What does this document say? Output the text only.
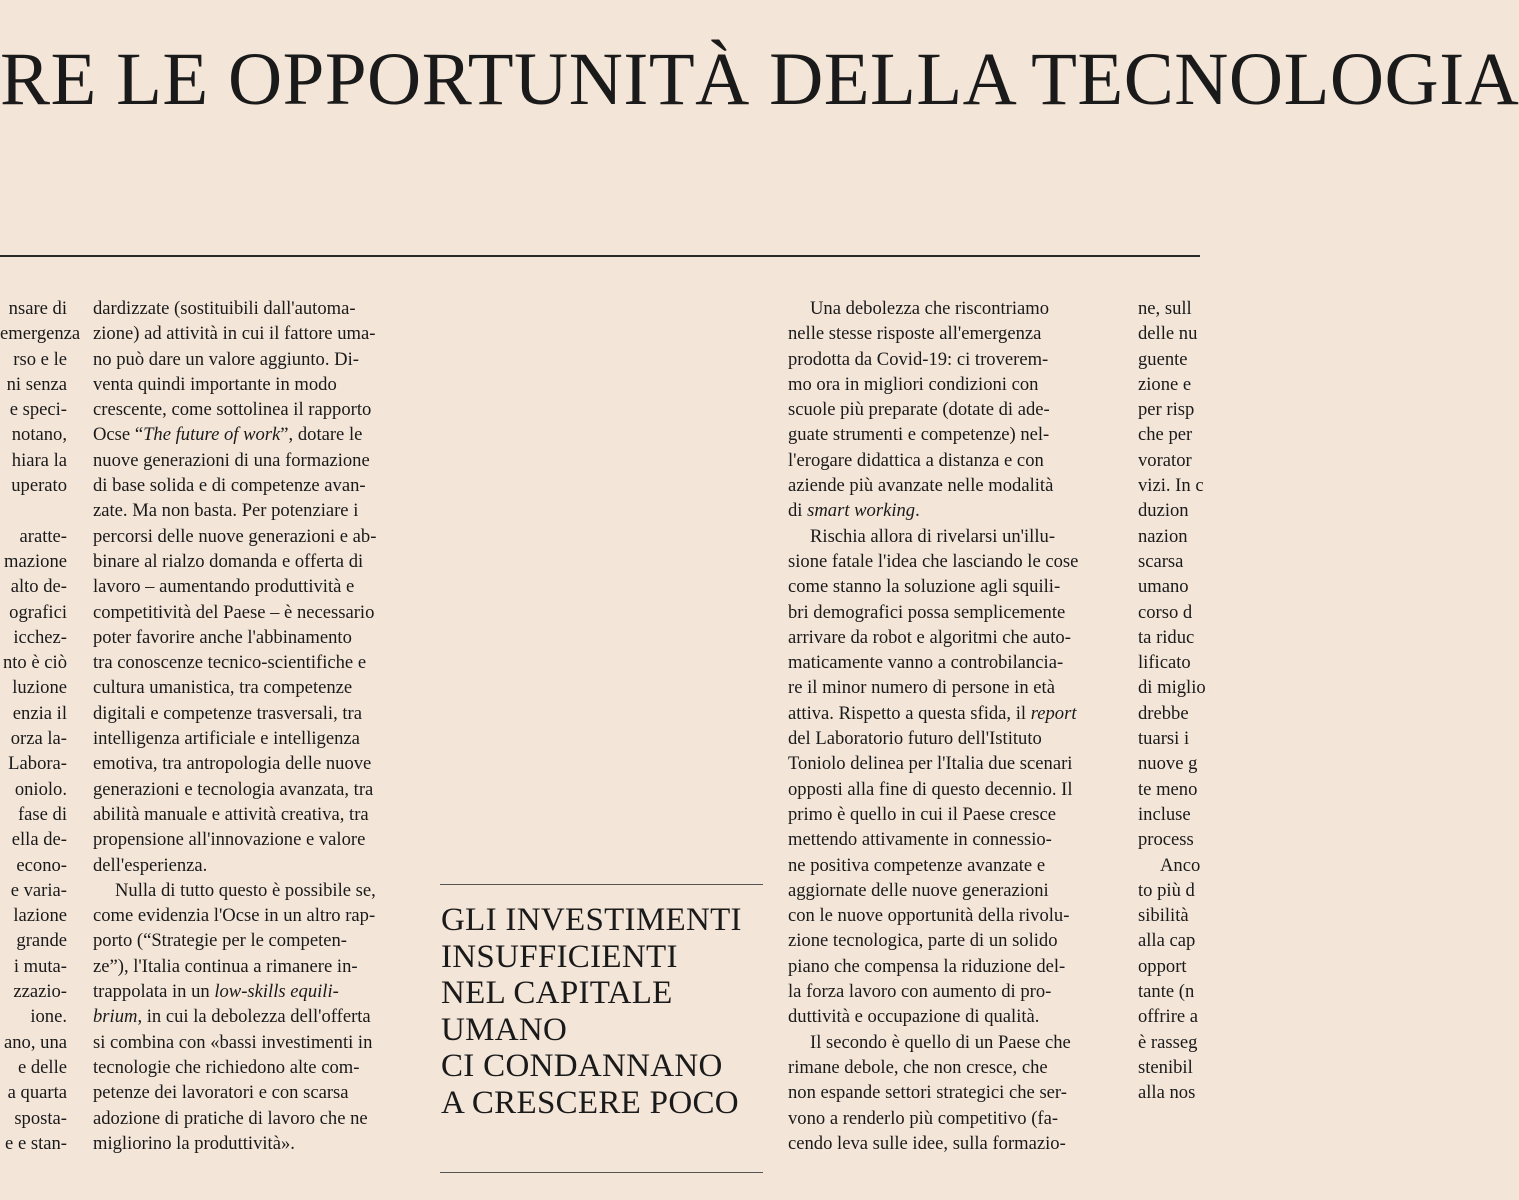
RE LE OPPORTUNITÀ DELLA TECNOLOGIA
nsare di
emergenza
rso e le
ni senza
e speci-
notano,
hiara la
uperato

aratte-
mazione
alto de-
ografici
icchez-
nto è ciò
luzione
enzia il
orza la-
Labora-
oniolo.
fase di
ella de-
econo-
e varia-
lazione
grande
i muta-
zzazio-
ione.
ano, una
e delle
a quarta
sposta-
e e stan-
dardizzate (sostituibili dall'automa-
zione) ad attività in cui il fattore uma-
no può dare un valore aggiunto. Di-
venta quindi importante in modo
crescente, come sottolinea il rapporto
Ocse “The future of work”, dotare le
nuove generazioni di una formazione
di base solida e di competenze avan-
zate. Ma non basta. Per potenziare i
percorsi delle nuove generazioni e ab-
binare al rialzo domanda e offerta di
lavoro – aumentando produttività e
competitività del Paese – è necessario
poter favorire anche l'abbinamento
tra conoscenze tecnico-scientifiche e
cultura umanistica, tra competenze
digitali e competenze trasversali, tra
intelligenza artificiale e intelligenza
emotiva, tra antropologia delle nuove
generazioni e tecnologia avanzata, tra
abilità manuale e attività creativa, tra
propensione all'innovazione e valore
dell'esperienza.
Nulla di tutto questo è possibile se,
come evidenzia l'Ocse in un altro rap-
porto (“Strategie per le competen-
ze”), l'Italia continua a rimanere in-
trappolata in un low-skills equili-
brium, in cui la debolezza dell'offerta
si combina con «bassi investimenti in
tecnologie che richiedono alte com-
petenze dei lavoratori e con scarsa
adozione di pratiche di lavoro che ne
migliorino la produttività».
GLI INVESTIMENTI
INSUFFICIENTI
NEL CAPITALE
UMANO
CI CONDANNANO
A CRESCERE POCO
Una debolezza che riscontriamo
nelle stesse risposte all'emergenza
prodotta da Covid-19: ci troverem-
mo ora in migliori condizioni con
scuole più preparate (dotate di ade-
guate strumenti e competenze) nel-
l'erogare didattica a distanza e con
aziende più avanzate nelle modalità
di smart working.
Rischia allora di rivelarsi un'illu-
sione fatale l'idea che lasciando le cose
come stanno la soluzione agli squili-
bri demografici possa semplicemente
arrivare da robot e algoritmi che auto-
maticamente vanno a controbilancia-
re il minor numero di persone in età
attiva. Rispetto a questa sfida, il report
del Laboratorio futuro dell'Istituto
Toniolo delinea per l'Italia due scenari
opposti alla fine di questo decennio. Il
primo è quello in cui il Paese cresce
mettendo attivamente in connessio-
ne positiva competenze avanzate e
aggiornate delle nuove generazioni
con le nuove opportunità della rivolu-
zione tecnologica, parte di un solido
piano che compensa la riduzione del-
la forza lavoro con aumento di pro-
duttività e occupazione di qualità.
Il secondo è quello di un Paese che
rimane debole, che non cresce, che
non espande settori strategici che ser-
vono a renderlo più competitivo (fa-
cendo leva sulle idee, sulla formazio-
ne, sull
delle nu
guente
zione e
per risp
che per
vorator
vizi. In c
duzion
nazion
scarsa
umano
corso d
ta riduc
lificato
di miglio
drebbe
tuarsi i
nuove g
te meno
incluse
process
Anco
to più d
sibilità
alla cap
opport
tante (n
offrire a
è rasseg
stenibil
alla nos
